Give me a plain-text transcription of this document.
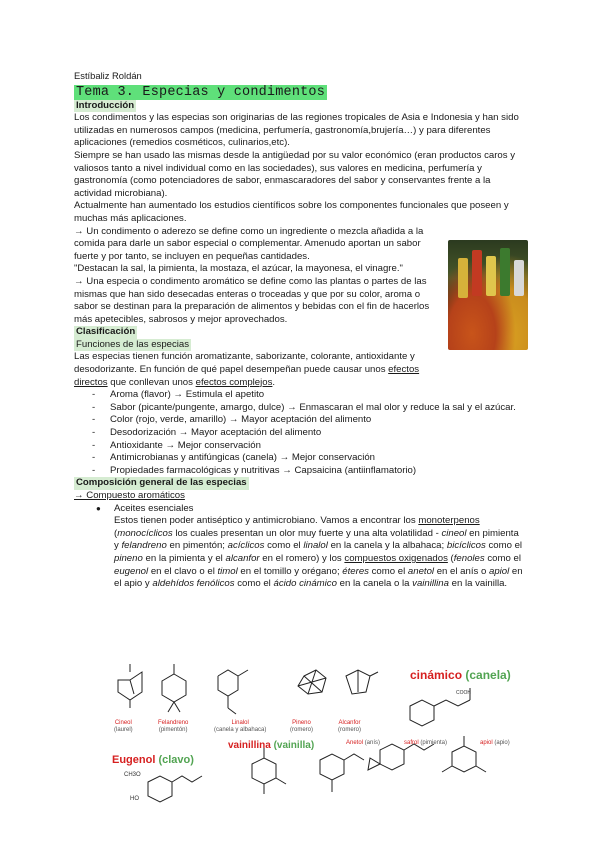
Estíbaliz Roldán
Tema 3. Especias y condimentos
Introducción

Los condimentos y las especias son originarias de las regiones tropicales de Asia e Indonesia y han sido utilizadas en numerosos campos (medicina, perfumería, gastronomía,brujería…) y para diferentes aplicaciones (remedios cosméticos, culinarios,etc).

Siempre se han usado las mismas desde la antigüedad por su valor económico (eran productos caros y valiosos tanto a nivel individual como en las sociedades), sus valores en medicina, perfumería y gastronomía (como potenciadores de sabor, enmascaradores del sabor y conservantes frente a la actividad microbiana).

Actualmente han aumentado los estudios científicos sobre los componentes funcionales que poseen y muchas más aplicaciones.

→ Un condimento o aderezo se define como un ingrediente o mezcla añadida a la comida para darle un sabor especial o complementar. Amenudo aportan un sabor fuerte y por tanto, se incluyen en pequeñas cantidades.

"Destacan la sal, la pimienta, la mostaza, el azúcar, la mayonesa, el vinagre."

→ Una especia o condimento aromático se define como las plantas o partes de las mismas que han sido desecadas enteras o troceadas y que por su color, aroma o sabor se destinan para la preparación de alimentos y bebidas con el fin de hacerlos más apetecibles, sabrosos y mejor aprovechados.

Clasificación
Funciones de las especias

Las especias tienen función aromatizante, saborizante, colorante, antioxidante y desodorizante. En función de qué papel desempeñan puede causar unos efectos directos que conllevan unos efectos complejos.

- Aroma (flavor) → Estimula el apetito
- Sabor (picante/pungente, amargo, dulce) → Enmascaran el mal olor y reduce la sal y el azúcar.
- Color (rojo, verde, amarillo) → Mayor aceptación del alimento
- Desodorización → Mayor aceptación del alimento
- Antioxidante → Mejor conservación
- Antimicrobianas y antifúngicas (canela) → Mejor conservación
- Propiedades farmacológicas y nutritivas → Capsaicina (antiinflamatorio)
Composición general de las especias
→ Compuesto aromáticos
● Aceites esenciales

Estos tienen poder antiséptico y antimicrobiano. Vamos a encontrar los monoterpenos (monocíclicos los cuales presentan un olor muy fuerte y una alta volatilidad - cineol en pimienta y felandreno en pimentón; acíclicos como el linalol en la canela y la albahaca; bicíclicos como el pineno en la pimienta y el alcanfor en el romero) y los compuestos oxigenados (fenoles como el eugenol en el clavo o el timol en el tomillo y orégano; éteres como el anetol en el anís o apiol en el apio y aldehídos fenólicos como el ácido cinámico en la canela o la vainillina en la vainilla.

Cineol
(laurel)
Felandreno
(pimentón)
Linalol
(canela y albahaca)
Pineno
(romero)
Alcanfor
(romero)
cinámico (canela)
COOH
vainillina (vainilla)	Anetol (anís)	safrol (pimienta)	apiol (apio)
Eugenol (clavo)
CH3O
HO
